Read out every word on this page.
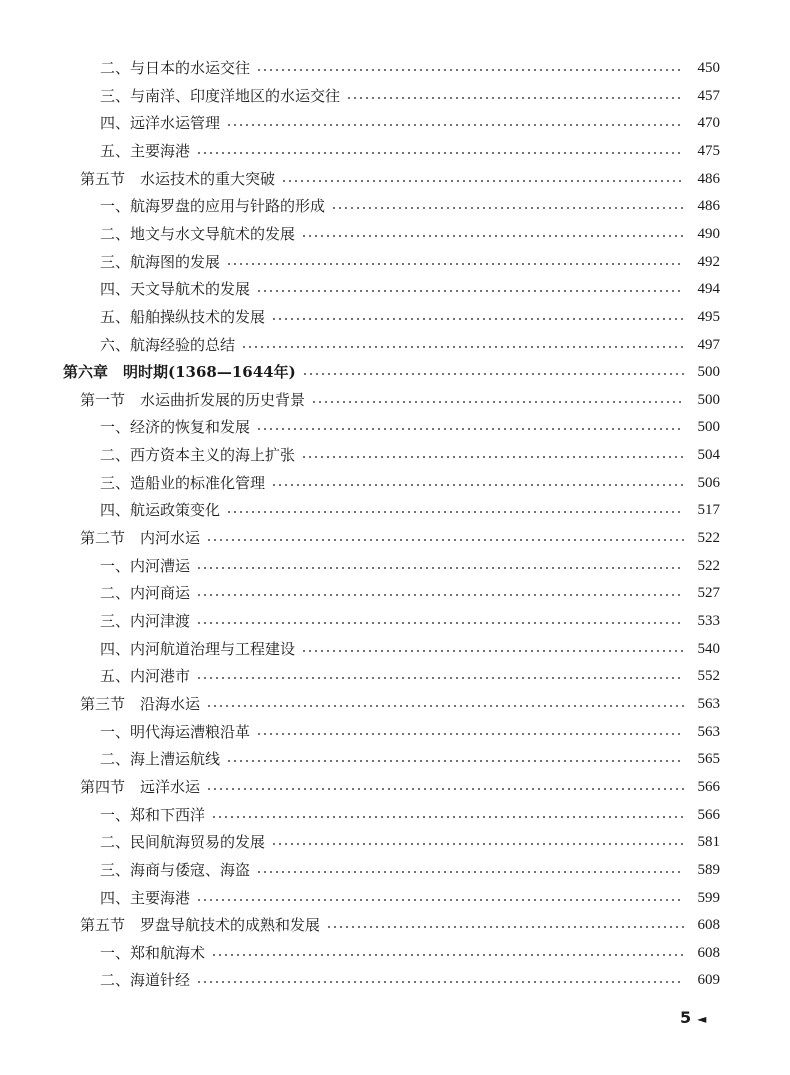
二、与日本的水运交往	450
三、与南洋、印度洋地区的水运交往	457
四、远洋水运管理	470
五、主要海港	475
第五节　水运技术的重大突破	486
一、航海罗盘的应用与针路的形成	486
二、地文与水文导航术的发展	490
三、航海图的发展	492
四、天文导航术的发展	494
五、船舶操纵技术的发展	495
六、航海经验的总结	497
第六章　明时期(1368—1644年)	500
第一节　水运曲折发展的历史背景	500
一、经济的恢复和发展	500
二、西方资本主义的海上扩张	504
三、造船业的标准化管理	506
四、航运政策变化	517
第二节　内河水运	522
一、内河漕运	522
二、内河商运	527
三、内河津渡	533
四、内河航道治理与工程建设	540
五、内河港市	552
第三节　沿海水运	563
一、明代海运漕粮沿革	563
二、海上漕运航线	565
第四节　远洋水运	566
一、郑和下西洋	566
二、民间航海贸易的发展	581
三、海商与倭寇、海盗	589
四、主要海港	599
第五节　罗盘导航技术的成熟和发展	608
一、郑和航海术	608
二、海道针经	609
5 ◄
